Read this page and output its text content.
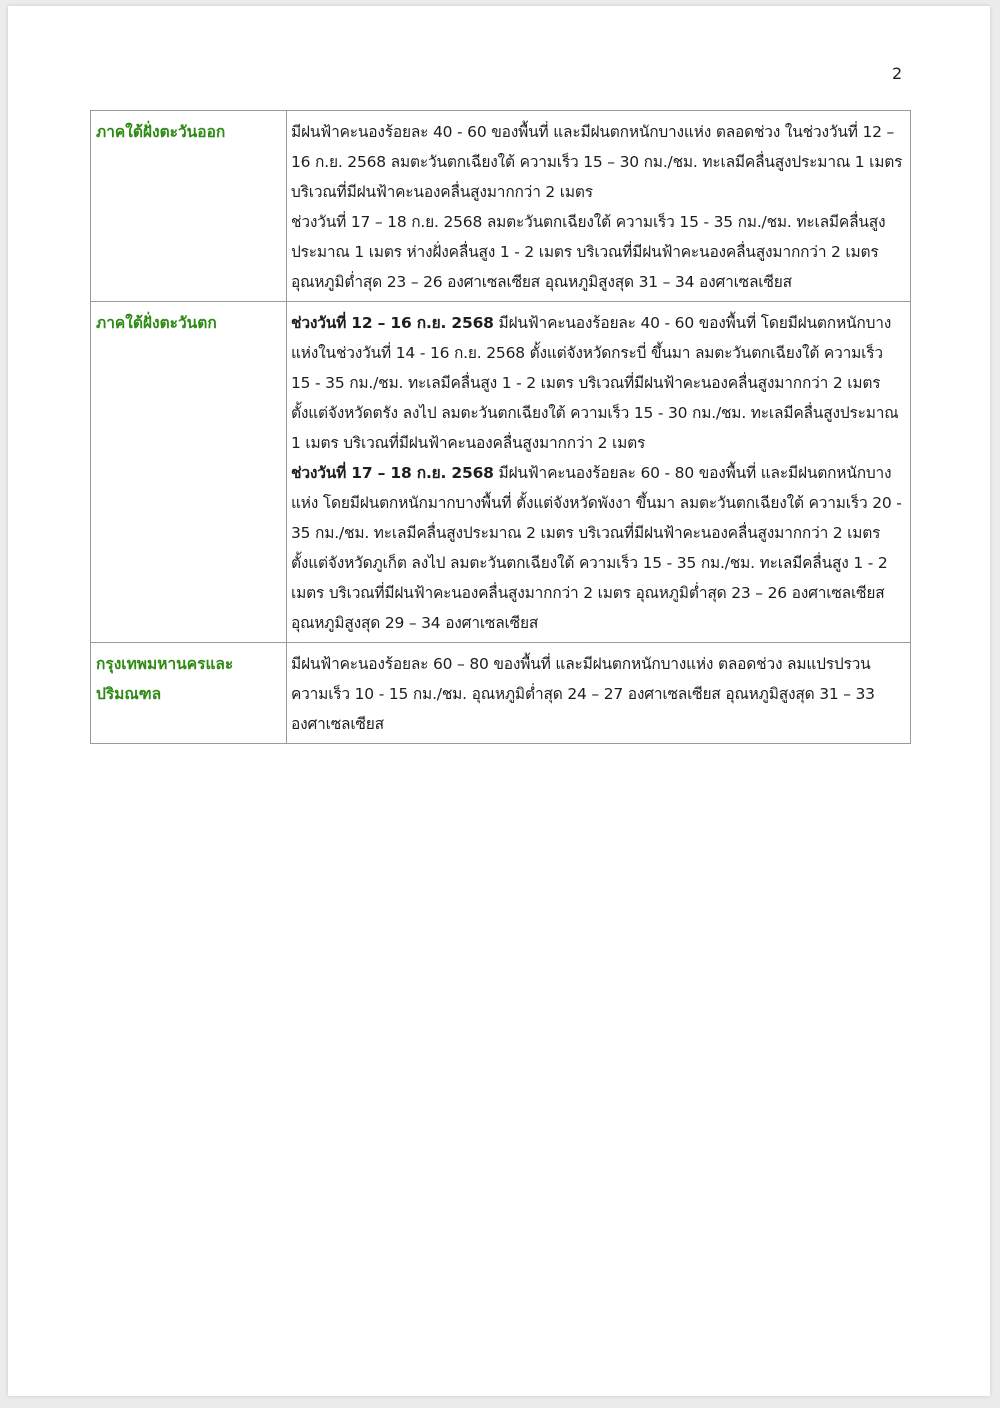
2
ภาคใต้ฝั่งตะวันออก	มีฝนฟ้าคะนองร้อยละ 40 - 60 ของพื้นที่ และมีฝนตกหนักบางแห่ง ตลอดช่วง ในช่วงวันที่ 12 – 16 ก.ย. 2568 ลมตะวันตกเฉียงใต้ ความเร็ว 15 – 30 กม./ชม. ทะเลมีคลื่นสูงประมาณ 1 เมตร บริเวณที่มีฝนฟ้าคะนองคลื่นสูงมากกว่า 2 เมตร
ช่วงวันที่ 17 – 18 ก.ย. 2568 ลมตะวันตกเฉียงใต้ ความเร็ว 15 - 35 กม./ชม. ทะเลมีคลื่นสูงประมาณ 1 เมตร ห่างฝั่งคลื่นสูง 1 - 2 เมตร บริเวณที่มีฝนฟ้าคะนองคลื่นสูงมากกว่า 2 เมตร อุณหภูมิต่ำสุด 23 – 26 องศาเซลเซียส อุณหภูมิสูงสุด 31 – 34 องศาเซลเซียส

ภาคใต้ฝั่งตะวันตก	ช่วงวันที่ 12 – 16 ก.ย. 2568 มีฝนฟ้าคะนองร้อยละ 40 - 60 ของพื้นที่ โดยมีฝนตกหนักบางแห่งในช่วงวันที่ 14 - 16 ก.ย. 2568 ตั้งแต่จังหวัดกระบี่ ขึ้นมา ลมตะวันตกเฉียงใต้ ความเร็ว 15 - 35 กม./ชม. ทะเลมีคลื่นสูง 1 - 2 เมตร บริเวณที่มีฝนฟ้าคะนองคลื่นสูงมากกว่า 2 เมตร ตั้งแต่จังหวัดตรัง ลงไป ลมตะวันตกเฉียงใต้ ความเร็ว 15 - 30 กม./ชม. ทะเลมีคลื่นสูงประมาณ 1 เมตร บริเวณที่มีฝนฟ้าคะนองคลื่นสูงมากกว่า 2 เมตร
ช่วงวันที่ 17 – 18 ก.ย. 2568 มีฝนฟ้าคะนองร้อยละ 60 - 80 ของพื้นที่ และมีฝนตกหนักบางแห่ง โดยมีฝนตกหนักมากบางพื้นที่ ตั้งแต่จังหวัดพังงา ขึ้นมา ลมตะวันตกเฉียงใต้ ความเร็ว 20 - 35 กม./ชม. ทะเลมีคลื่นสูงประมาณ 2 เมตร บริเวณที่มีฝนฟ้าคะนองคลื่นสูงมากกว่า 2 เมตร ตั้งแต่จังหวัดภูเก็ต ลงไป ลมตะวันตกเฉียงใต้ ความเร็ว 15 - 35 กม./ชม. ทะเลมีคลื่นสูง 1 - 2 เมตร บริเวณที่มีฝนฟ้าคะนองคลื่นสูงมากกว่า 2 เมตร อุณหภูมิต่ำสุด 23 – 26 องศาเซลเซียส อุณหภูมิสูงสุด 29 – 34 องศาเซลเซียส

กรุงเทพมหานครและปริมณฑล	มีฝนฟ้าคะนองร้อยละ 60 – 80 ของพื้นที่ และมีฝนตกหนักบางแห่ง ตลอดช่วง ลมแปรปรวน ความเร็ว 10 - 15 กม./ชม. อุณหภูมิต่ำสุด 24 – 27 องศาเซลเซียส อุณหภูมิสูงสุด 31 – 33 องศาเซลเซียส
